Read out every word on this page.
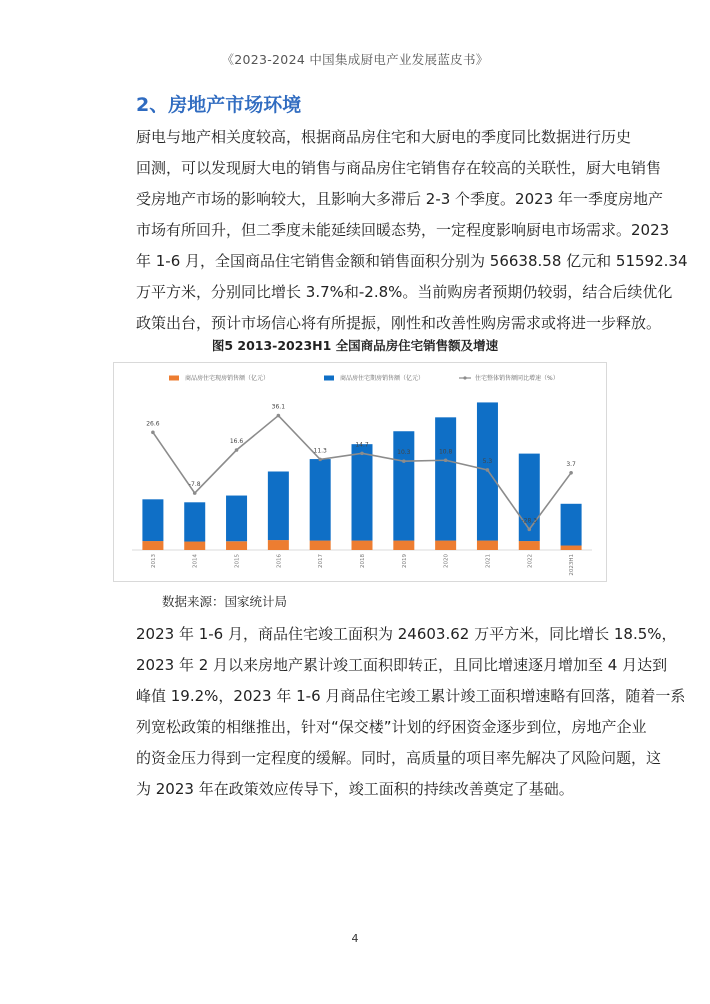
《2023-2024 中国集成厨电产业发展蓝皮书》
2、房地产市场环境

厨电与地产相关度较高，根据商品房住宅和大厨电的季度同比数据进行历史
回测，可以发现厨大电的销售与商品房住宅销售存在较高的关联性，厨大电销售
受房地产市场的影响较大，且影响大多滞后 2-3 个季度。2023 年一季度房地产
市场有所回升，但二季度未能延续回暖态势，一定程度影响厨电市场需求。2023
年 1-6 月，全国商品住宅销售金额和销售面积分别为 56638.58 亿元和 51592.34
万平方米，分别同比增长 3.7%和-2.8%。当前购房者预期仍较弱，结合后续优化
政策出台，预计市场信心将有所提振，刚性和改善性购房需求或将进一步释放。

图5 2013-2023H1 全国商品房住宅销售额及增速
商品房住宅现房销售额（亿元）	商品房住宅期房销售额（亿元）	住宅整体销售额同比增速（%）
2013	2014	2015	2016	2017	2018	2019	2020	2021	2022	2023H1
26.6
-7.8
16.6
36.1
11.3
14.7
10.3	10.8
5.3
-28.3
3.7
数据来源：国家统计局

2023 年 1-6 月，商品住宅竣工面积为 24603.62 万平方米，同比增长 18.5%，
2023 年 2 月以来房地产累计竣工面积即转正，且同比增速逐月增加至 4 月达到
峰值 19.2%，2023 年 1-6 月商品住宅竣工累计竣工面积增速略有回落，随着一系
列宽松政策的相继推出，针对“保交楼”计划的纾困资金逐步到位，房地产企业
的资金压力得到一定程度的缓解。同时，高质量的项目率先解决了风险问题，这
为 2023 年在政策效应传导下，竣工面积的持续改善奠定了基础。

4
